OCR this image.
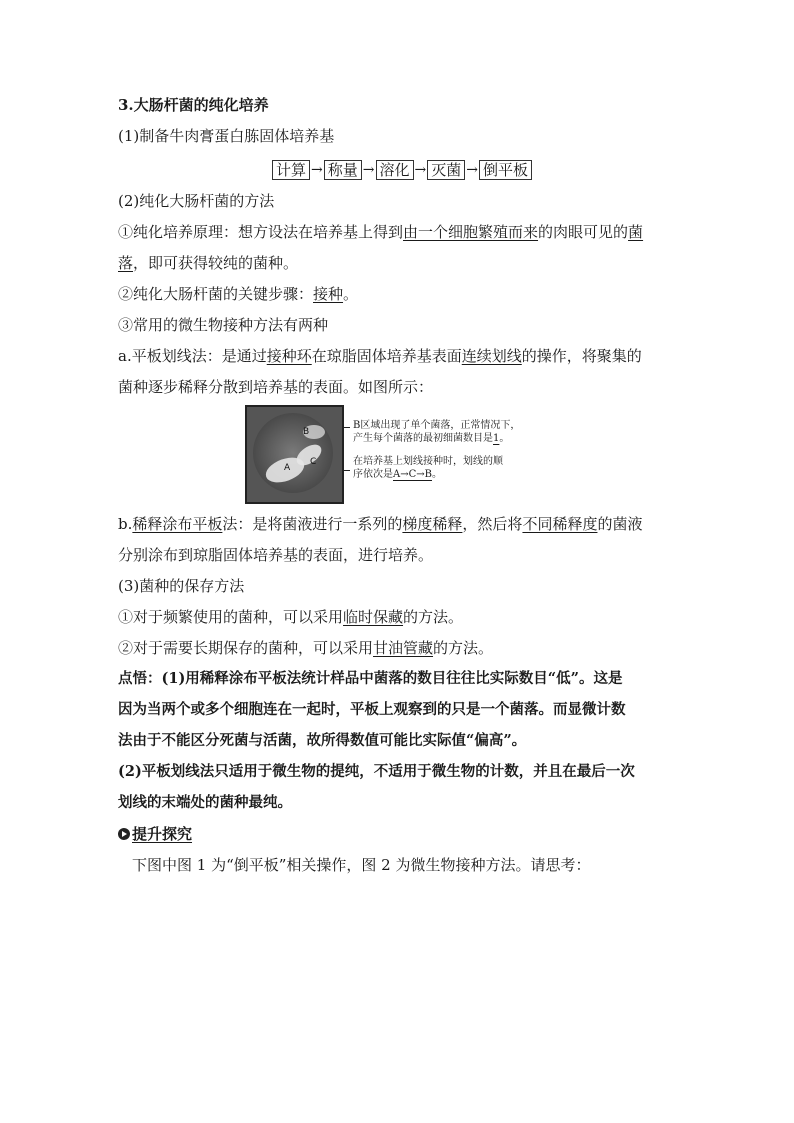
3.大肠杆菌的纯化培养
(1)制备牛肉膏蛋白胨固体培养基
计算 → 称量 → 溶化 → 灭菌 → 倒平板
(2)纯化大肠杆菌的方法
①纯化培养原理：想方设法在培养基上得到由一个细胞繁殖而来的肉眼可见的菌
落，即可获得较纯的菌种。
②纯化大肠杆菌的关键步骤：接种。
③常用的微生物接种方法有两种
a.平板划线法：是通过接种环在琼脂固体培养基表面连续划线的操作，将聚集的
菌种逐步稀释分散到培养基的表面。如图所示：
A
B
C
B区域出现了单个菌落，正常情况下，
产生每个菌落的最初细菌数目是1。
在培养基上划线接种时，划线的顺
序依次是A→C→B。
b.稀释涂布平板法：是将菌液进行一系列的梯度稀释，然后将不同稀释度的菌液
分别涂布到琼脂固体培养基的表面，进行培养。
(3)菌种的保存方法
①对于频繁使用的菌种，可以采用临时保藏的方法。
②对于需要长期保存的菌种，可以采用甘油管藏的方法。
点悟：(1)用稀释涂布平板法统计样品中菌落的数目往往比实际数目“低”。这是
因为当两个或多个细胞连在一起时，平板上观察到的只是一个菌落。而显微计数
法由于不能区分死菌与活菌，故所得数值可能比实际值“偏高”。
(2)平板划线法只适用于微生物的提纯，不适用于微生物的计数，并且在最后一次
划线的末端处的菌种最纯。
提升探究
下图中图 1 为“倒平板”相关操作，图 2 为微生物接种方法。请思考：
